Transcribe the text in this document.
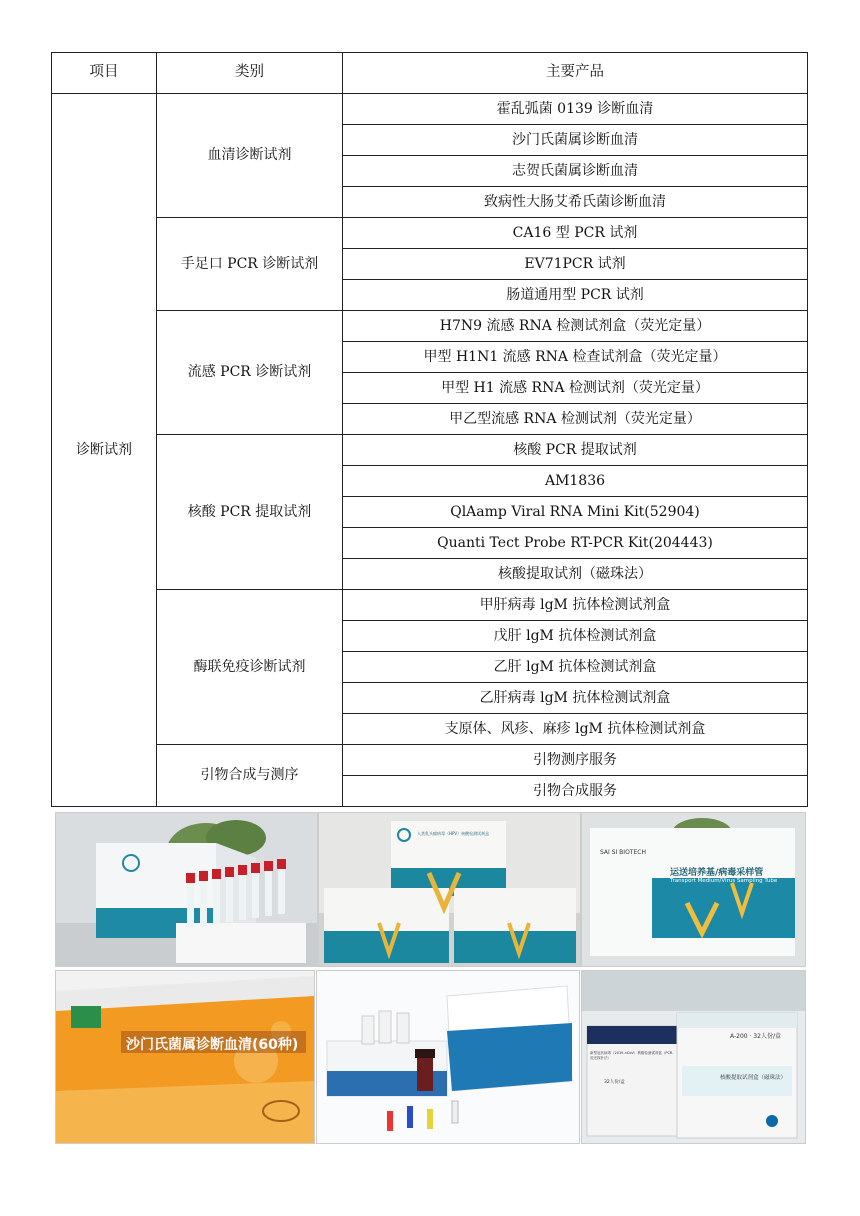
项目	类别	主要产品
诊断试剂	血清诊断试剂	霍乱弧菌 0139 诊断血清
		沙门氏菌属诊断血清
		志贺氏菌属诊断血清
		致病性大肠艾希氏菌诊断血清
	手足口 PCR 诊断试剂	CA16 型 PCR 试剂
		EV71PCR 试剂
		肠道通用型 PCR 试剂
	流感 PCR 诊断试剂	H7N9 流感 RNA 检测试剂盒（荧光定量）
		甲型 H1N1 流感 RNA 检查试剂盒（荧光定量）
		甲型 H1 流感 RNA 检测试剂（荧光定量）
		甲乙型流感 RNA 检测试剂（荧光定量）
	核酸 PCR 提取试剂	核酸 PCR 提取试剂
		AM1836
		QlAamp Viral RNA Mini Kit(52904)
		Quanti Tect Probe RT-PCR Kit(204443)
		核酸提取试剂（磁珠法）
	酶联免疫诊断试剂	甲肝病毒 lgM 抗体检测试剂盒
		戊肝 lgM 抗体检测试剂盒
		乙肝 lgM 抗体检测试剂盒
		乙肝病毒 lgM 抗体检测试剂盒
		支原体、风疹、麻疹 lgM 抗体检测试剂盒
	引物合成与测序	引物测序服务
		引物合成服务
人类乳头瘤病毒（HPV）核酸检测试剂盒
SAI SI BIOTECH
运送培养基/病毒采样管
Transport Medium/Virus Sampling Tube
沙门氏菌属诊断血清(60种)
A-200 · 32人份/盒
核酸提取试剂盒（磁珠法）
新型冠状病毒（2019-nCoV）核酸检测试剂盒（PCR-荧光探针法）
32人份/盒
